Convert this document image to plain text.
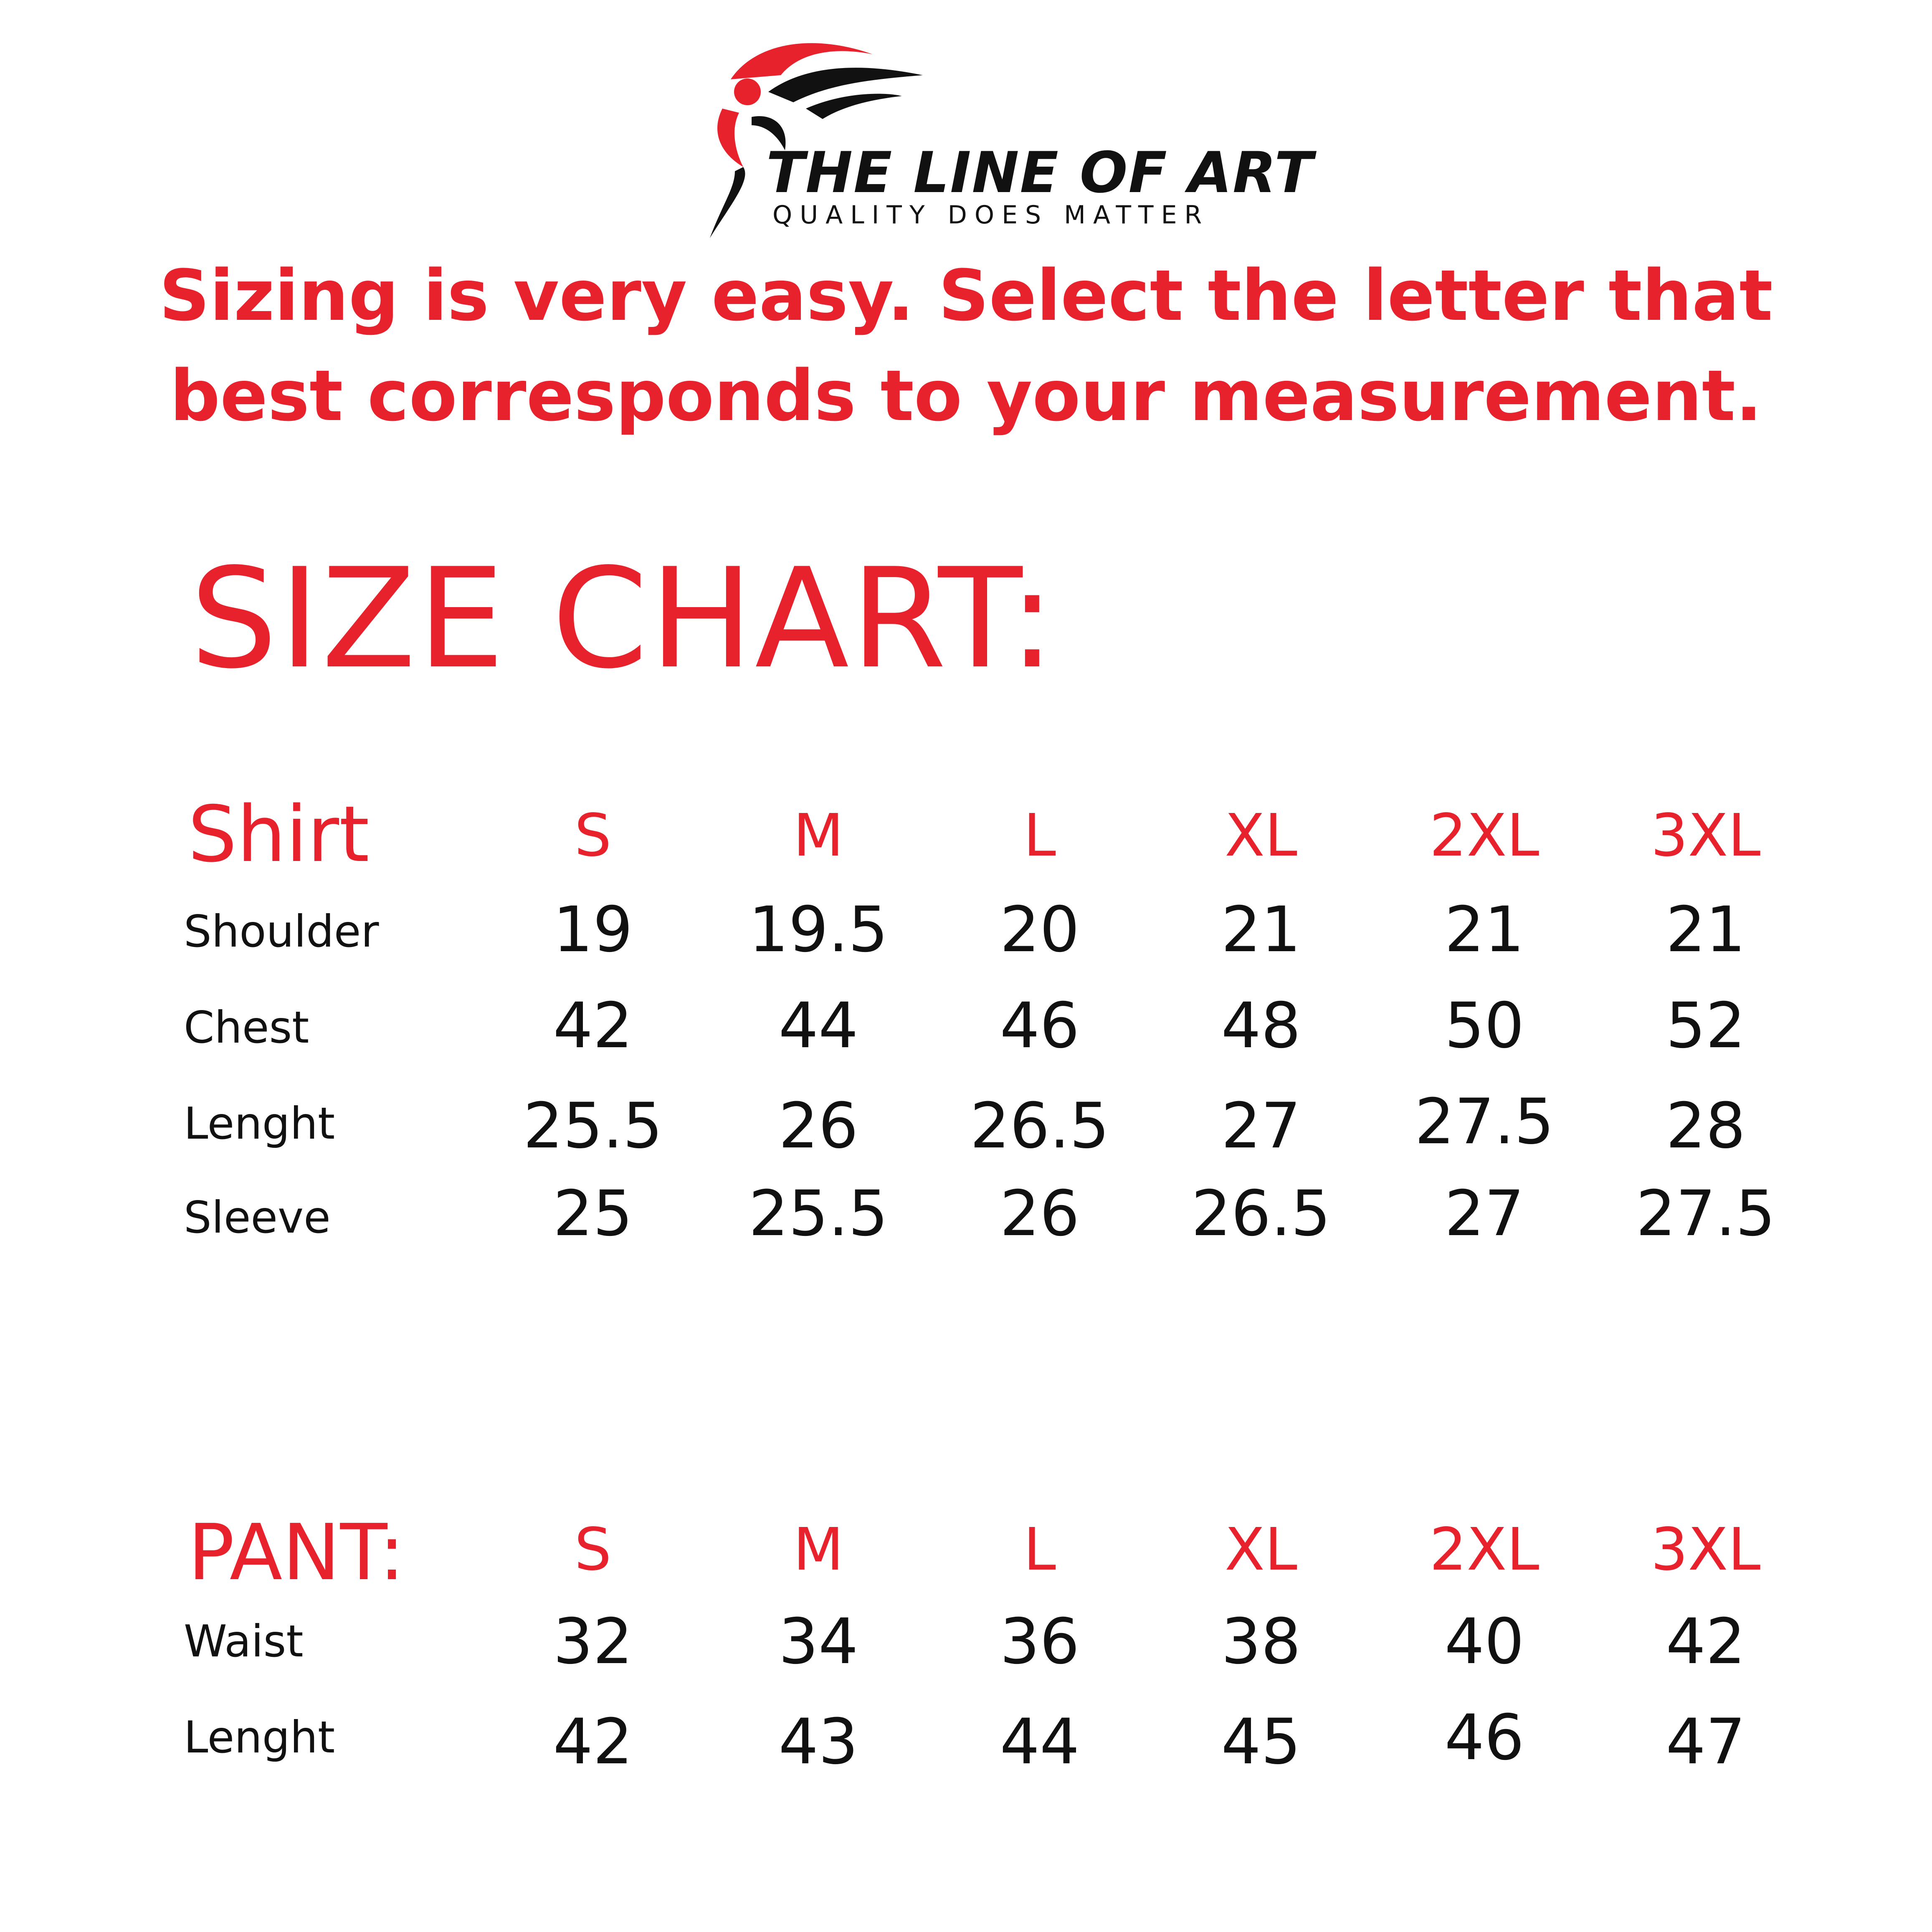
THE LINE OF ART
QUALITY DOES MATTER
Sizing is very easy. Select the letter that
best corresponds to your measurement.
SIZE CHART:
Shirt	S	M	L	XL	2XL	3XL
Shoulder	19	19.5	20	21	21	21
Chest	42	44	46	48	50	52
Lenght	25.5	26	26.5	27	27.5	28
Sleeve	25	25.5	26	26.5	27	27.5
PANT:	S	M	L	XL	2XL	3XL
Waist	32	34	36	38	40	42
Lenght	42	43	44	45	46	47
